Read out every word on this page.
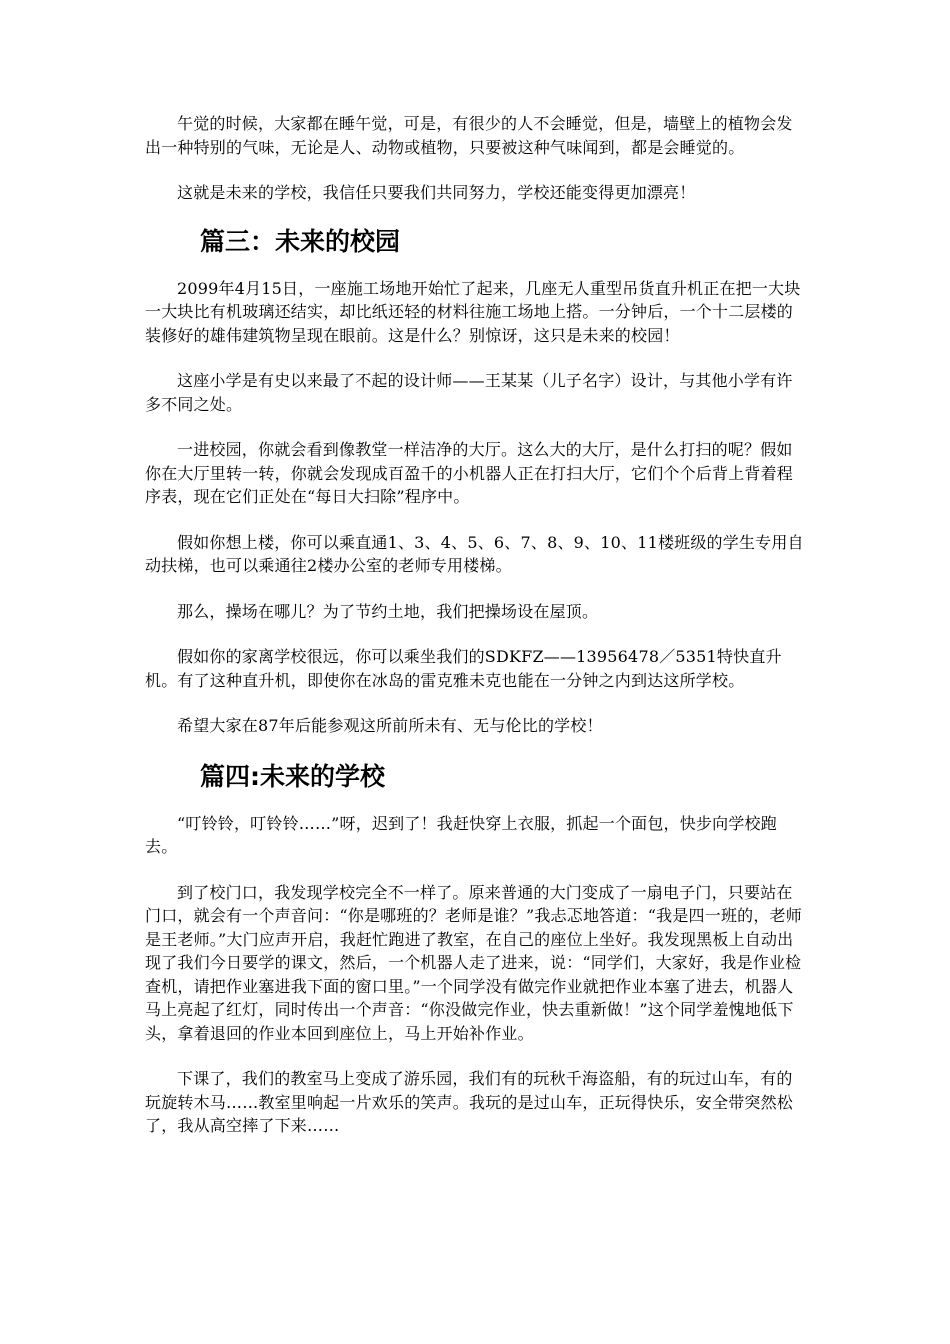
午觉的时候，大家都在睡午觉，可是，有很少的人不会睡觉，但是，墙壁上的植物会发出一种特别的气味，无论是人、动物或植物，只要被这种气味闻到，都是会睡觉的。

这就是未来的学校，我信任只要我们共同努力，学校还能变得更加漂亮！

篇三：未来的校园

2099年4月15日，一座施工场地开始忙了起来，几座无人重型吊货直升机正在把一大块一大块比有机玻璃还结实，却比纸还轻的材料往施工场地上搭。一分钟后，一个十二层楼的装修好的雄伟建筑物呈现在眼前。这是什么？别惊讶，这只是未来的校园！

这座小学是有史以来最了不起的设计师——王某某（儿子名字）设计，与其他小学有许多不同之处。

一进校园，你就会看到像教堂一样洁净的大厅。这么大的大厅，是什么打扫的呢？假如你在大厅里转一转，你就会发现成百盈千的小机器人正在打扫大厅，它们个个后背上背着程序表，现在它们正处在“每日大扫除”程序中。

假如你想上楼，你可以乘直通1、3、4、5、6、7、8、9、10、11楼班级的学生专用自动扶梯，也可以乘通往2楼办公室的老师专用楼梯。

那么，操场在哪儿？为了节约土地，我们把操场设在屋顶。

假如你的家离学校很远，你可以乘坐我们的SDKFZ——13956478／5351特快直升机。有了这种直升机，即使你在冰岛的雷克雅未克也能在一分钟之内到达这所学校。

希望大家在87年后能参观这所前所未有、无与伦比的学校！

篇四:未来的学校

“叮铃铃，叮铃铃……”呀，迟到了！我赶快穿上衣服，抓起一个面包，快步向学校跑去。

到了校门口，我发现学校完全不一样了。原来普通的大门变成了一扇电子门，只要站在门口，就会有一个声音问：“你是哪班的？老师是谁？”我忐忑地答道：“我是四一班的，老师是王老师。”大门应声开启，我赶忙跑进了教室，在自己的座位上坐好。我发现黑板上自动出现了我们今日要学的课文，然后，一个机器人走了进来，说：“同学们，大家好，我是作业检查机，请把作业塞进我下面的窗口里。”一个同学没有做完作业就把作业本塞了进去，机器人马上亮起了红灯，同时传出一个声音：“你没做完作业，快去重新做！”这个同学羞愧地低下头，拿着退回的作业本回到座位上，马上开始补作业。

下课了，我们的教室马上变成了游乐园，我们有的玩秋千海盗船，有的玩过山车，有的玩旋转木马……教室里响起一片欢乐的笑声。我玩的是过山车，正玩得快乐，安全带突然松了，我从高空摔了下来……
